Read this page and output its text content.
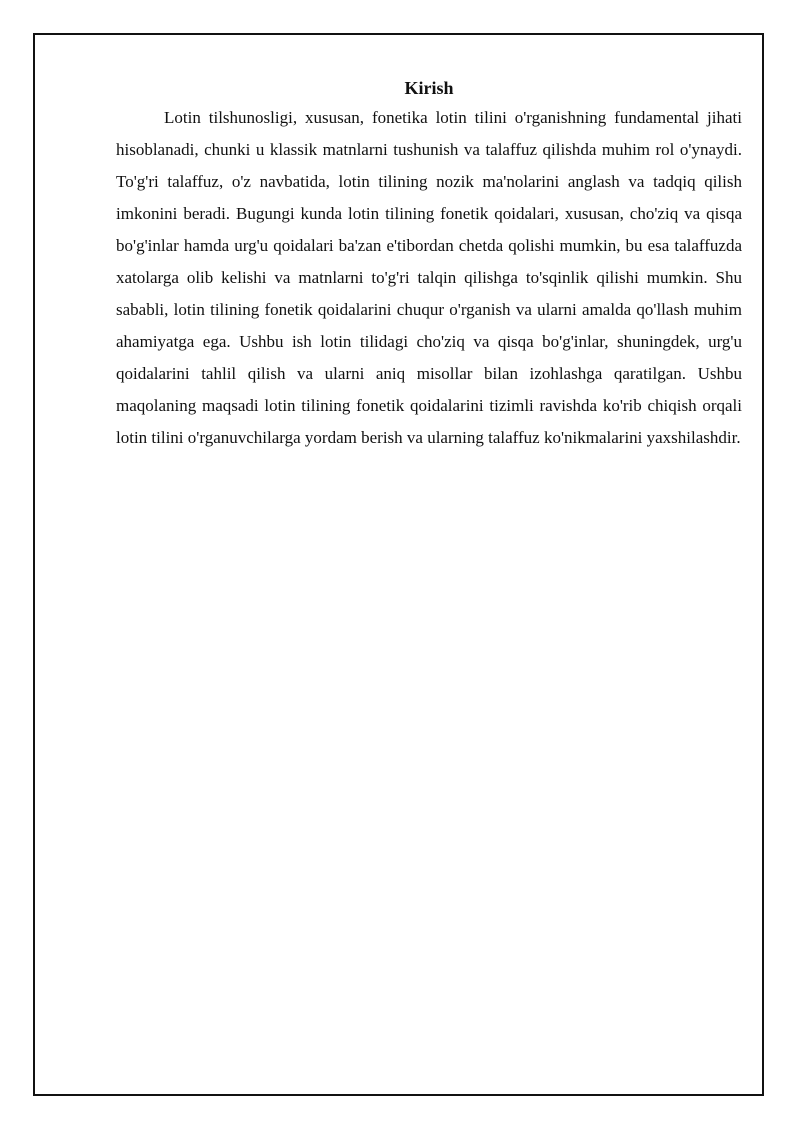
Kirish

Lotin tilshunosligi, xususan, fonetika lotin tilini o'rganishning fundamental jihati hisoblanadi, chunki u klassik matnlarni tushunish va talaffuz qilishda muhim rol o'ynaydi. To'g'ri talaffuz, o'z navbatida, lotin tilining nozik ma'nolarini anglash va tadqiq qilish imkonini beradi. Bugungi kunda lotin tilining fonetik qoidalari, xususan, cho'ziq va qisqa bo'g'inlar hamda urg'u qoidalari ba'zan e'tibordan chetda qolishi mumkin, bu esa talaffuzda xatolarga olib kelishi va matnlarni to'g'ri talqin qilishga to'sqinlik qilishi mumkin. Shu sababli, lotin tilining fonetik qoidalarini chuqur o'rganish va ularni amalda qo'llash muhim ahamiyatga ega. Ushbu ish lotin tilidagi cho'ziq va qisqa bo'g'inlar, shuningdek, urg'u qoidalarini tahlil qilish va ularni aniq misollar bilan izohlashga qaratilgan. Ushbu maqolaning maqsadi lotin tilining fonetik qoidalarini tizimli ravishda ko'rib chiqish orqali lotin tilini o'rganuvchilarga yordam berish va ularning talaffuz ko'nikmalarini yaxshilashdir.
